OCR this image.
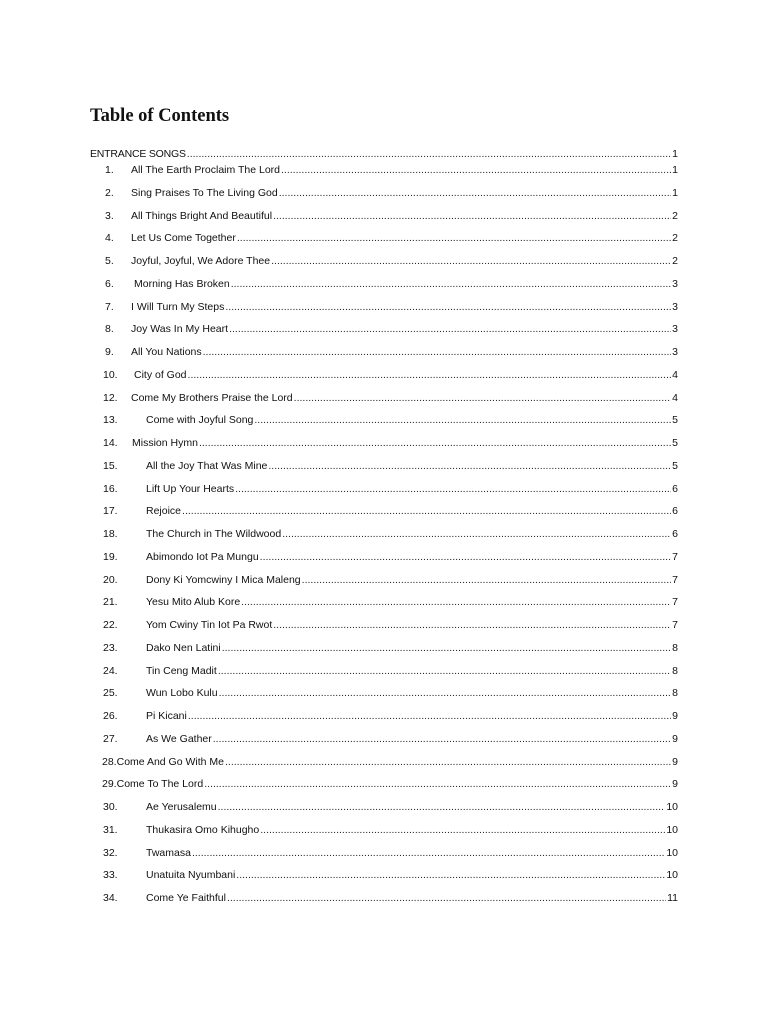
Table of Contents
ENTRANCE SONGS .....	1
1. All The Earth Proclaim The Lord .....	1
2. Sing Praises To The Living God .....	1
3. All Things Bright And Beautiful .....	2
4. Let Us Come Together .....	2
5. Joyful, Joyful, We Adore Thee .....	2
6. Morning Has Broken .....	3
7. I Will Turn My Steps .....	3
8. Joy Was In My Heart .....	3
9. All You Nations .....	3
10. City of God .....	4
12. Come My Brothers Praise the Lord .....	4
13.	Come with Joyful Song .....	5
14. Mission Hymn .....	5
15.	All the Joy That Was Mine .....	5
16.	Lift Up Your Hearts .....	6
17.	Rejoice .....	6
18.	The Church in The Wildwood .....	6
19.	Abimondo Iot Pa Mungu .....	7
20.	Dony Ki Yomcwiny I Mica Maleng .....	7
21.	Yesu Mito Alub Kore .....	7
22.	Yom Cwiny Tin Iot Pa Rwot .....	7
23.	Dako Nen Latini .....	8
24.	Tin Ceng Madit .....	8
25.	Wun Lobo Kulu .....	8
26.	Pi Kicani .....	9
27.	As We Gather .....	9
28. Come And Go With Me .....	9
29. Come To The Lord .....	9
30.	Ae Yerusalemu .....	10
31.	Thukasira Omo Kihugho .....	10
32.	Twamasa .....	10
33.	Unatuita Nyumbani .....	10
34.	Come Ye Faithful .....	11
